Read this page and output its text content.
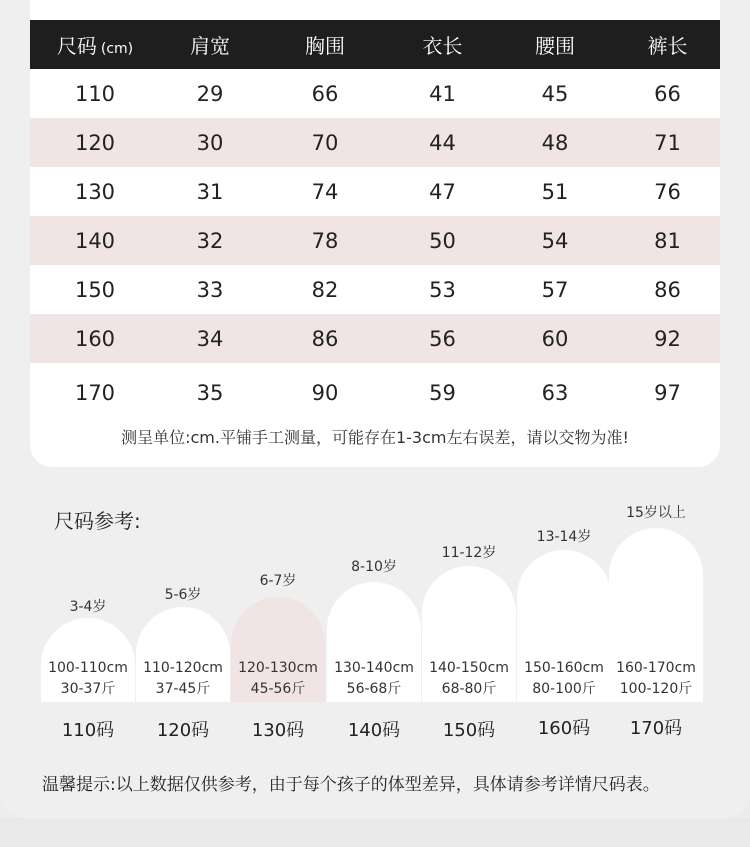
尺码 (cm)	肩宽	胸围	衣长	腰围	裤长
110	29	66	41	45	66
120	30	70	44	48	71
130	31	74	47	51	76
140	32	78	50	54	81
150	33	82	53	57	86
160	34	86	56	60	92
170	35	90	59	63	97
测呈单位:cm.平铺手工测量，可能存在1-3cm左右误差，请以交物为准!
尺码参考:
3-4岁
100-110cm
30-37斤
110码
5-6岁
110-120cm
37-45斤
120码
6-7岁
120-130cm
45-56斤
130码
8-10岁
130-140cm
56-68斤
140码
11-12岁
140-150cm
68-80斤
150码
13-14岁
150-160cm
80-100斤
160码
15岁以上
160-170cm
100-120斤
170码
温馨提示:以上数据仅供参考，由于每个孩子的体型差异，具体请参考详情尺码表。
